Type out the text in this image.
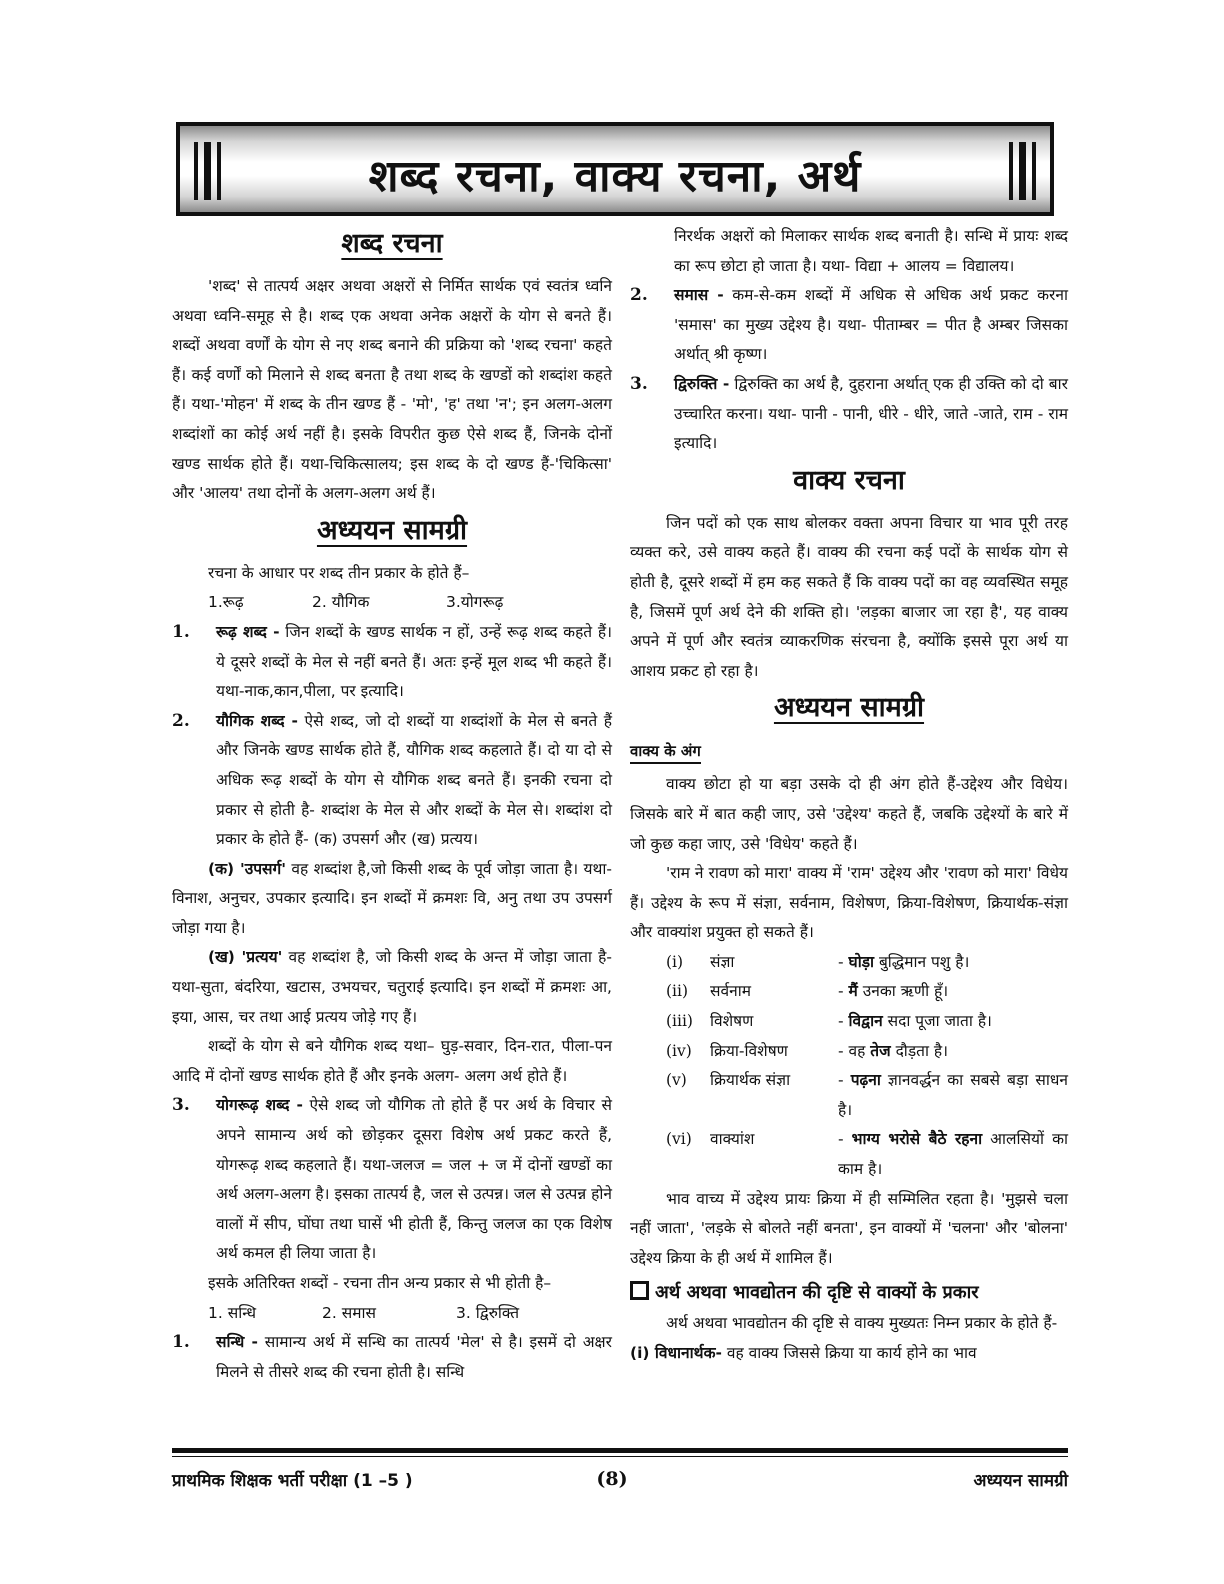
शब्द रचना, वाक्य रचना, अर्थ
शब्द रचना

'शब्द' से तात्पर्य अक्षर अथवा अक्षरों से निर्मित सार्थक एवं स्वतंत्र ध्वनि अथवा ध्वनि-समूह से है। शब्द एक अथवा अनेक अक्षरों के योग से बनते हैं। शब्दों अथवा वर्णों के योग से नए शब्द बनाने की प्रक्रिया को 'शब्द रचना' कहते हैं। कई वर्णों को मिलाने से शब्द बनता है तथा शब्द के खण्डों को शब्दांश कहते हैं। यथा-'मोहन' में शब्द के तीन खण्ड हैं - 'मो', 'ह' तथा 'न'; इन अलग-अलग शब्दांशों का कोई अर्थ नहीं है। इसके विपरीत कुछ ऐसे शब्द हैं, जिनके दोनों खण्ड सार्थक होते हैं। यथा-चिकित्सालय; इस शब्द के दो खण्ड हैं-'चिकित्सा' और 'आलय' तथा दोनों के अलग-अलग अर्थ हैं।

अध्ययन सामग्री

रचना के आधार पर शब्द तीन प्रकार के होते हैं–

1.रूढ़	2. यौगिक	3.योगरूढ़
1.	रूढ़ शब्द - जिन शब्दों के खण्ड सार्थक न हों, उन्हें रूढ़ शब्द कहते हैं। ये दूसरे शब्दों के मेल से नहीं बनते हैं। अतः इन्हें मूल शब्द भी कहते हैं। यथा-नाक,कान,पीला, पर इत्यादि।
2.	यौगिक शब्द - ऐसे शब्द, जो दो शब्दों या शब्दांशों के मेल से बनते हैं और जिनके खण्ड सार्थक होते हैं, यौगिक शब्द कहलाते हैं। दो या दो से अधिक रूढ़ शब्दों के योग से यौगिक शब्द बनते हैं। इनकी रचना दो प्रकार से होती है- शब्दांश के मेल से और शब्दों के मेल से। शब्दांश दो प्रकार के होते हैं- (क) उपसर्ग और (ख) प्रत्यय।

(क) 'उपसर्ग' वह शब्दांश है,जो किसी शब्द के पूर्व जोड़ा जाता है। यथा-विनाश, अनुचर, उपकार इत्यादि। इन शब्दों में क्रमशः वि, अनु तथा उप उपसर्ग जोड़ा गया है।

(ख) 'प्रत्यय' वह शब्दांश है, जो किसी शब्द के अन्त में जोड़ा जाता है-यथा-सुता, बंदरिया, खटास, उभयचर, चतुराई इत्यादि। इन शब्दों में क्रमशः आ, इया, आस, चर तथा आई प्रत्यय जोड़े गए हैं।

शब्दों के योग से बने यौगिक शब्द यथा– घुड़-सवार, दिन-रात, पीला-पन आदि में दोनों खण्ड सार्थक होते हैं और इनके अलग- अलग अर्थ होते हैं।

3.	योगरूढ़ शब्द - ऐसे शब्द जो यौगिक तो होते हैं पर अर्थ के विचार से अपने सामान्य अर्थ को छोड़कर दूसरा विशेष अर्थ प्रकट करते हैं, योगरूढ़ शब्द कहलाते हैं। यथा-जलज = जल + ज में दोनों खण्डों का अर्थ अलग-अलग है। इसका तात्पर्य है, जल से उत्पन्न। जल से उत्पन्न होने वालों में सीप, घोंघा तथा घासें भी होती हैं, किन्तु जलज का एक विशेष अर्थ कमल ही लिया जाता है।

इसके अतिरिक्त शब्दों - रचना तीन अन्य प्रकार से भी होती है–

1. सन्धि	2. समास	3. द्विरुक्ति
1.	सन्धि - सामान्य अर्थ में सन्धि का तात्पर्य 'मेल' से है। इसमें दो अक्षर मिलने से तीसरे शब्द की रचना होती है। सन्धि

निरर्थक अक्षरों को मिलाकर सार्थक शब्द बनाती है। सन्धि में प्रायः शब्द का रूप छोटा हो जाता है। यथा- विद्या + आलय = विद्यालय।

2.	समास - कम-से-कम शब्दों में अधिक से अधिक अर्थ प्रकट करना 'समास' का मुख्य उद्देश्य है। यथा- पीताम्बर = पीत है अम्बर जिसका अर्थात् श्री कृष्ण।
3.	द्विरुक्ति - द्विरुक्ति का अर्थ है, दुहराना अर्थात् एक ही उक्ति को दो बार उच्चारित करना। यथा- पानी - पानी, धीरे - धीरे, जाते -जाते, राम - राम इत्यादि।
वाक्य रचना

जिन पदों को एक साथ बोलकर वक्ता अपना विचार या भाव पूरी तरह व्यक्त करे, उसे वाक्य कहते हैं। वाक्य की रचना कई पदों के सार्थक योग से होती है, दूसरे शब्दों में हम कह सकते हैं कि वाक्य पदों का वह व्यवस्थित समूह है, जिसमें पूर्ण अर्थ देने की शक्ति हो। 'लड़का बाजार जा रहा है', यह वाक्य अपने में पूर्ण और स्वतंत्र व्याकरणिक संरचना है, क्योंकि इससे पूरा अर्थ या आशय प्रकट हो रहा है।

अध्ययन सामग्री
वाक्य के अंग

वाक्य छोटा हो या बड़ा उसके दो ही अंग होते हैं-उद्देश्य और विधेय। जिसके बारे में बात कही जाए, उसे 'उद्देश्य' कहते हैं, जबकि उद्देश्यों के बारे में जो कुछ कहा जाए, उसे 'विधेय' कहते हैं।

'राम ने रावण को मारा' वाक्य में 'राम' उद्देश्य और 'रावण को मारा' विधेय हैं। उद्देश्य के रूप में संज्ञा, सर्वनाम, विशेषण, क्रिया-विशेषण, क्रियार्थक-संज्ञा और वाक्यांश प्रयुक्त हो सकते हैं।

(i)	संज्ञा	- घोड़ा बुद्धिमान पशु है।
(ii)	सर्वनाम	- मैं उनका ऋणी हूँ।
(iii)	विशेषण	- विद्वान सदा पूजा जाता है।
(iv)	क्रिया-विशेषण	- वह तेज दौड़ता है।
(v)	क्रियार्थक संज्ञा	- पढ़ना ज्ञानवर्द्धन का सबसे बड़ा साधन है।
(vi)	वाक्यांश	- भाग्य भरोसे बैठे रहना आलसियों का काम है।

भाव वाच्य में उद्देश्य प्रायः क्रिया में ही सम्मिलित रहता है। 'मुझसे चला नहीं जाता', 'लड़के से बोलते नहीं बनता', इन वाक्यों में 'चलना' और 'बोलना' उद्देश्य क्रिया के ही अर्थ में शामिल हैं।

अर्थ अथवा भावद्योतन की दृष्टि से वाक्यों के प्रकार

अर्थ अथवा भावद्योतन की दृष्टि से वाक्य मुख्यतः निम्न प्रकार के होते हैं-

(i) विधानार्थक- वह वाक्य जिससे क्रिया या कार्य होने का भाव

प्राथमिक शिक्षक भर्ती परीक्षा (1 –5 )	(8)	अध्ययन सामग्री
